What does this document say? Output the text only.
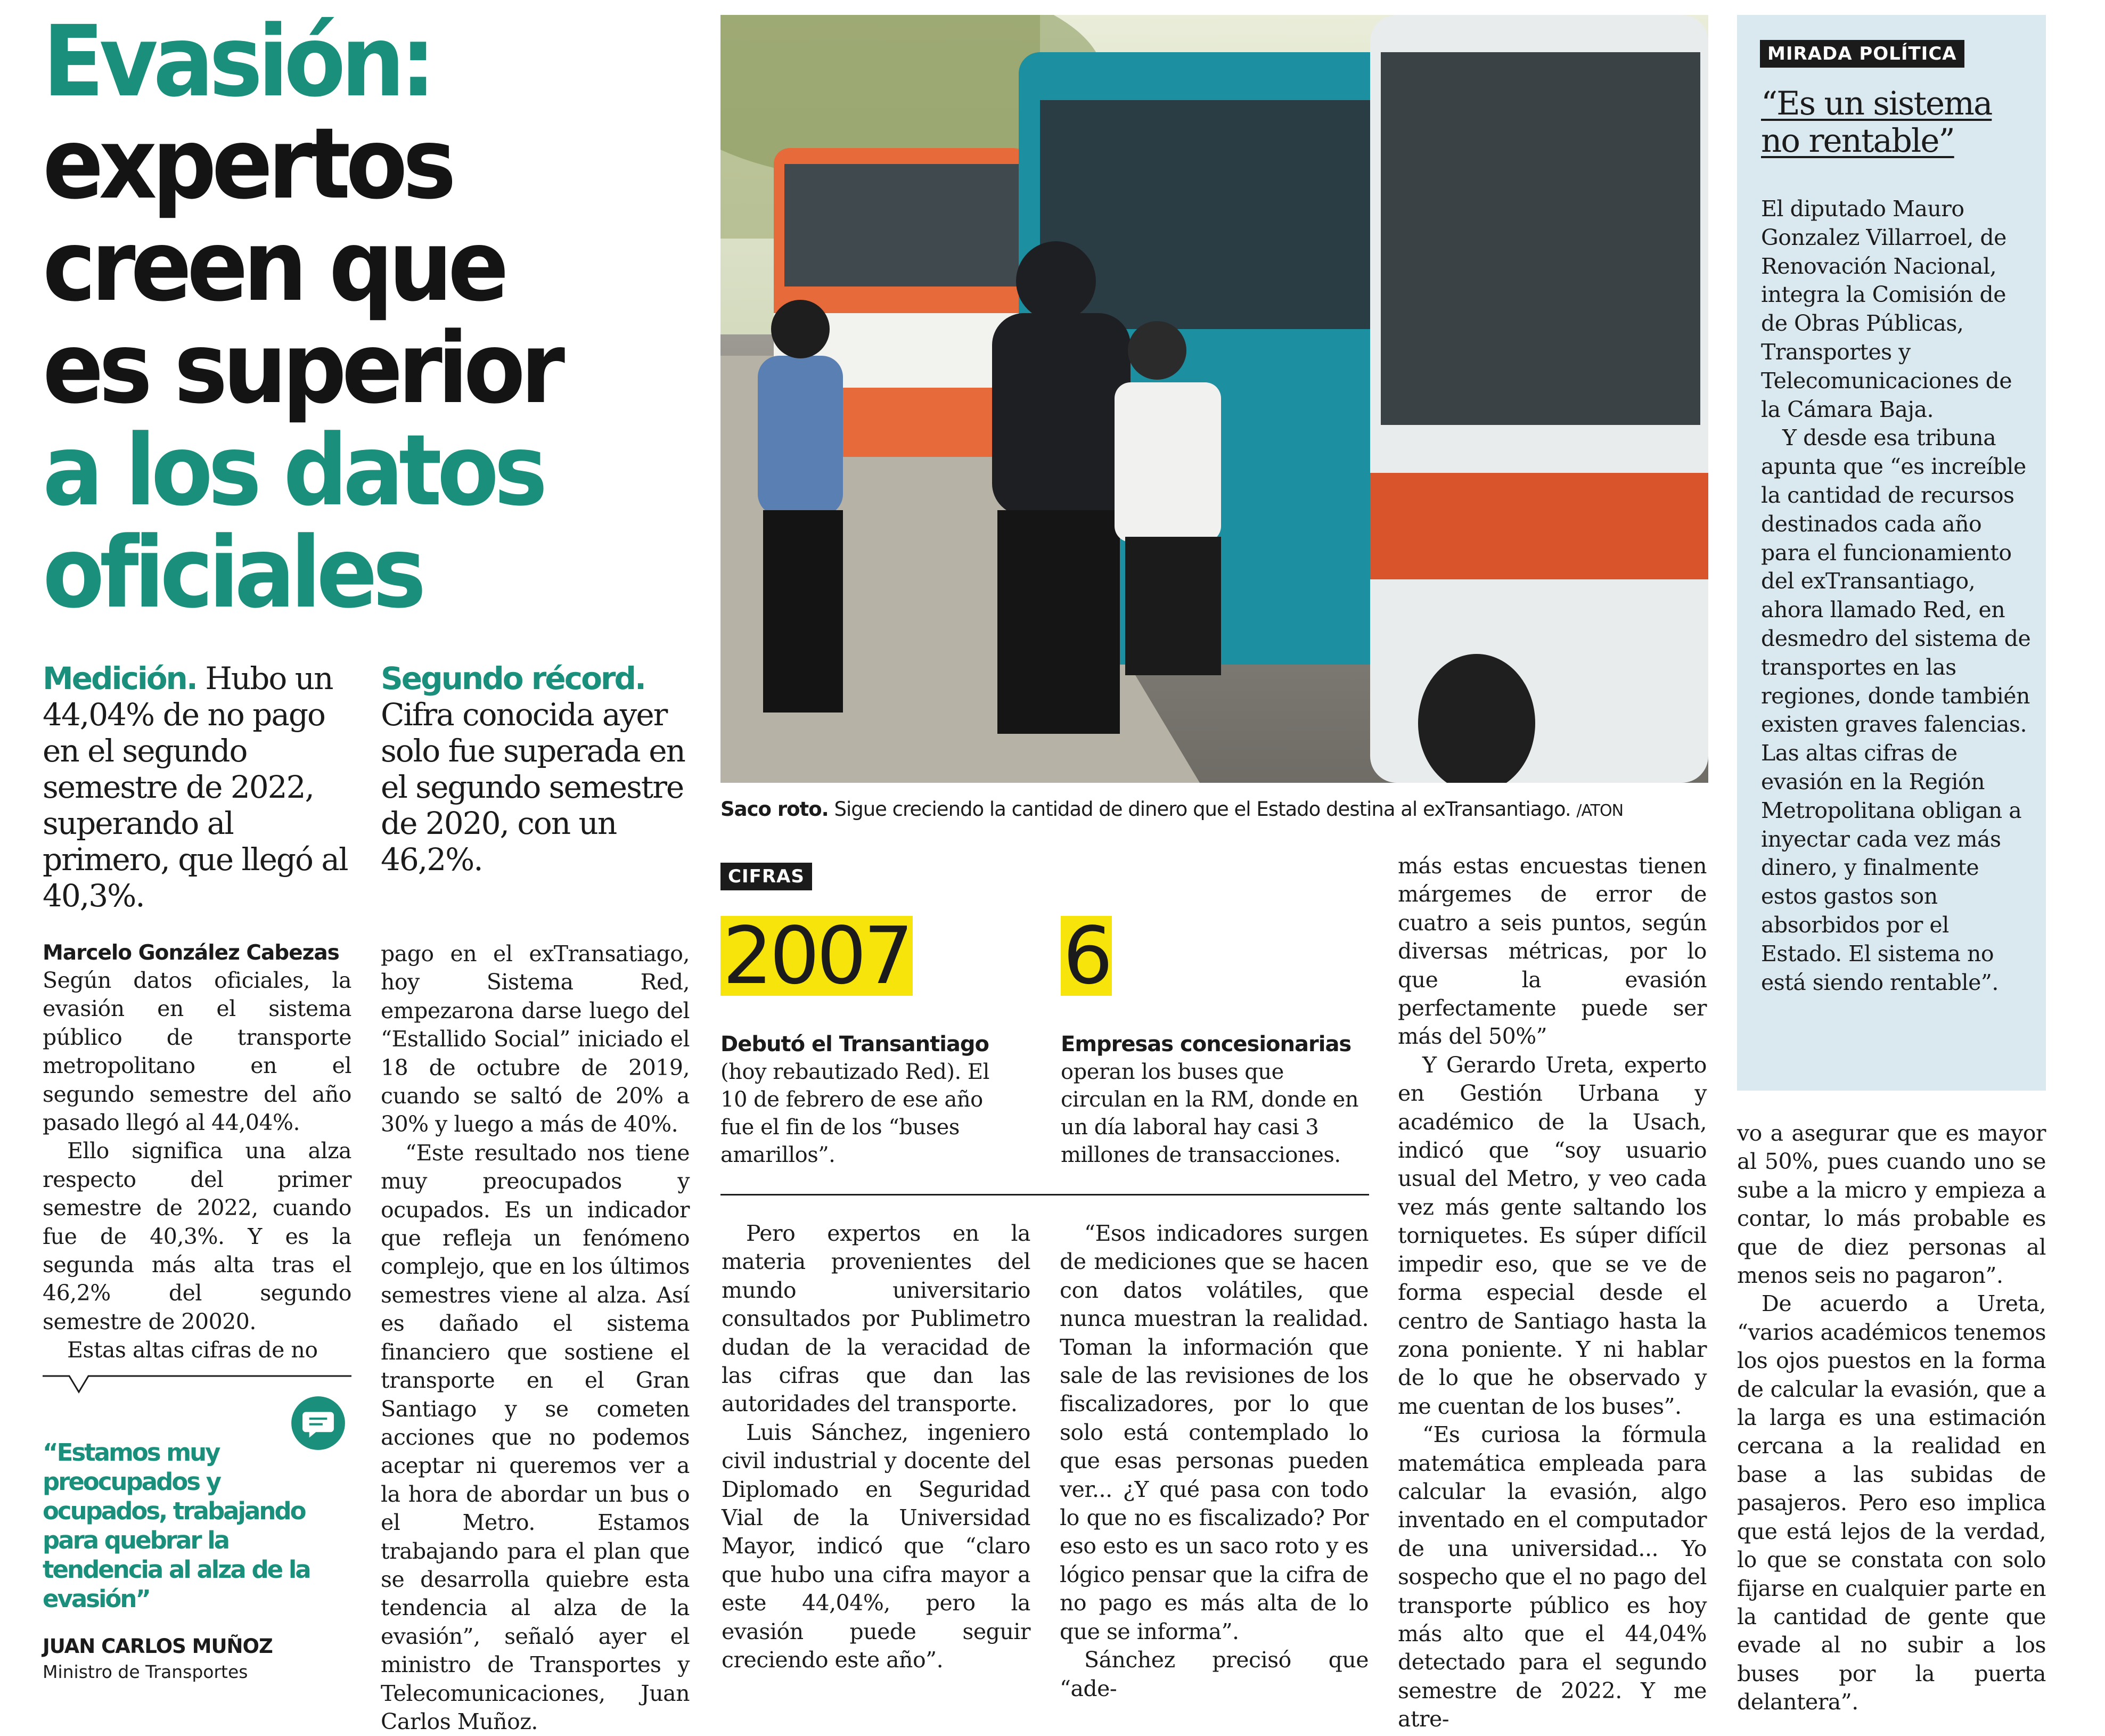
Evasión:
expertos
creen que
es superior
a los datos
oficiales
Medición. Hubo un 44,04% de no pago en el segundo semestre de 2022, superando al primero, que llegó al 40,3%.
Segundo récord. Cifra conocida ayer solo fue superada en el segundo semestre de 2020, con un 46,2%.
Marcelo González Cabezas

Según datos oficiales, la evasión en el sistema público de transporte metropolitano en el segundo semestre del año pasado llegó al 44,04%.

Ello significa una alza respecto del primer semestre de 2022, cuando fue de 40,3%. Y es la segunda más alta tras el 46,2% del segundo semestre de 20020.

Estas altas cifras de no

“Estamos muy preocupados y ocupados, trabajando para quebrar la tendencia al alza de la evasión”
JUAN CARLOS MUÑOZ
Ministro de Transportes

pago en el exTransatiago, hoy Sistema Red, empezarona darse luego del “Estallido Social” iniciado el 18 de octubre de 2019, cuando se saltó de 20% a 30% y luego a más de 40%.

“Este resultado nos tiene muy preocupados y ocupados. Es un indicador que refleja un fenómeno complejo, que en los últimos semestres viene al alza. Así es dañado el sistema financiero que sostiene el transporte en el Gran Santiago y se cometen acciones que no podemos aceptar ni queremos ver a la hora de abordar un bus o el Metro. Estamos trabajando para el plan que se desarrolla quiebre esta tendencia al alza de la evasión”, señaló ayer el ministro de Transportes y Telecomunicaciones, Juan Carlos Muñoz.

Saco roto. Sigue creciendo la cantidad de dinero que el Estado destina al exTransantiago. /ATON
CIFRAS
2007 6
Debutó el Transantiago
(hoy rebautizado Red). El 10 de febrero de ese año fue el fin de los “buses amarillos”.
Empresas concesionarias
operan los buses que circulan en la RM, donde en un día laboral hay casi 3 millones de transacciones.

Pero expertos en la materia provenientes del mundo universitario consultados por Publimetro dudan de la veracidad de las cifras que dan las autoridades del transporte.

Luis Sánchez, ingeniero civil industrial y docente del Diplomado en Seguridad Vial de la Universidad Mayor, indicó que “claro que hubo una cifra mayor a este 44,04%, pero la evasión puede seguir creciendo este año”.

“Esos indicadores surgen de mediciones que se hacen con datos volátiles, que nunca muestran la realidad. Toman la información que sale de las revisiones de los fiscalizadores, por lo que solo está contemplado lo que esas personas pueden ver... ¿Y qué pasa con todo lo que no es fiscalizado? Por eso esto es un saco roto y es lógico pensar que la cifra de no pago es más alta de lo que se informa”.

Sánchez precisó que “ade-

más estas encuestas tienen márgemes de error de cuatro a seis puntos, según diversas métricas, por lo que la evasión perfectamente puede ser más del 50%”

Y Gerardo Ureta, experto en Gestión Urbana y académico de la Usach, indicó que “soy usuario usual del Metro, y veo cada vez más gente saltando los torniquetes. Es súper difícil impedir eso, que se ve de forma especial desde el centro de Santiago hasta la zona poniente. Y ni hablar de lo que he observado y me cuentan de los buses”.

“Es curiosa la fórmula matemática empleada para calcular la evasión, algo inventado en el computador de una universidad... Yo sospecho que el no pago del transporte público es hoy más alto que el 44,04% detectado para el segundo semestre de 2022. Y me atre-

MIRADA POLÍTICA
“Es un sistema no rentable”

El diputado Mauro Gonzalez Villarroel, de Renovación Nacional, integra la Comisión de de Obras Públicas, Transportes y Telecomunicaciones de la Cámara Baja.

Y desde esa tribuna apunta que “es increíble la cantidad de recursos destinados cada año para el funcionamiento del exTransantiago, ahora llamado Red, en desmedro del sistema de transportes en las regiones, donde también existen graves falencias. Las altas cifras de evasión en la Región Metropolitana obligan a inyectar cada vez más dinero, y finalmente estos gastos son absorbidos por el Estado. El sistema no está siendo rentable”.

vo a asegurar que es mayor al 50%, pues cuando uno se sube a la micro y empieza a contar, lo más probable es que de diez personas al menos seis no pagaron”.

De acuerdo a Ureta, “varios académicos tenemos los ojos puestos en la forma de calcular la evasión, que a la larga es una estimación cercana a la realidad en base a las subidas de pasajeros. Pero eso implica que está lejos de la verdad, lo que se constata con solo fijarse en cualquier parte en la cantidad de gente que evade al no subir a los buses por la puerta delantera”.
